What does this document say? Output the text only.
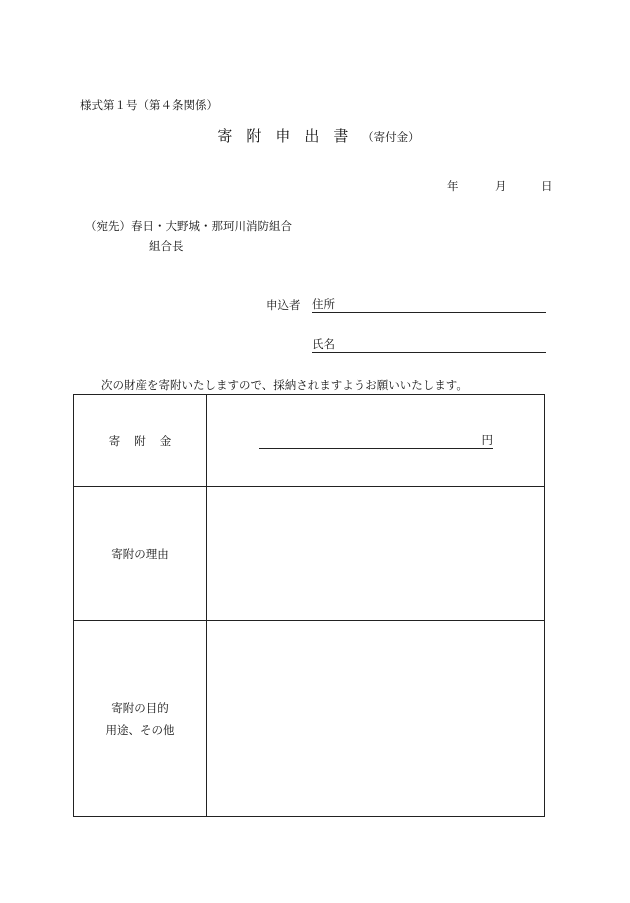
様式第１号（第４条関係）
寄 附 申 出 書 （寄付金）
年	月	日
（宛先）春日・大野城・那珂川消防組合
組合長
申込者 住所
氏名
次の財産を寄附いたしますので、採納されますようお願いいたします。
寄 附 金	円

寄附の理由	

寄附の目的
用途、その他	
